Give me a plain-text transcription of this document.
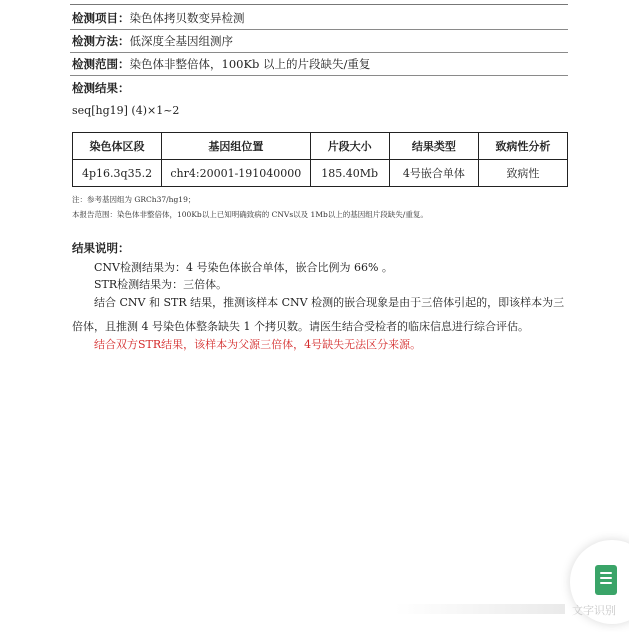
检测项目：染色体拷贝数变异检测
检测方法：低深度全基因组测序
检测范围：染色体非整倍体，100Kb 以上的片段缺失/重复
检测结果：
seq[hg19] (4)×1~2
染色体区段	基因组位置	片段大小	结果类型	致病性分析
4p16.3q35.2	chr4:20001-191040000	185.40Mb	4号嵌合单体	致病性
注：参考基因组为 GRCh37/hg19；
本报告范围：染色体非整倍体，100Kb以上已知明确致病的 CNVs以及 1Mb以上的基因组片段缺失/重复。
结果说明：
CNV检测结果为：4 号染色体嵌合单体，嵌合比例为 66% 。
STR检测结果为：三倍体。
结合 CNV 和 STR 结果，推测该样本 CNV 检测的嵌合现象是由于三倍体引起的，即该样本为三倍体，且推测 4 号染色体整条缺失 1 个拷贝数。请医生结合受检者的临床信息进行综合评估。
结合双方STR结果，该样本为父源三倍体，4号缺失无法区分来源。
文字识别
